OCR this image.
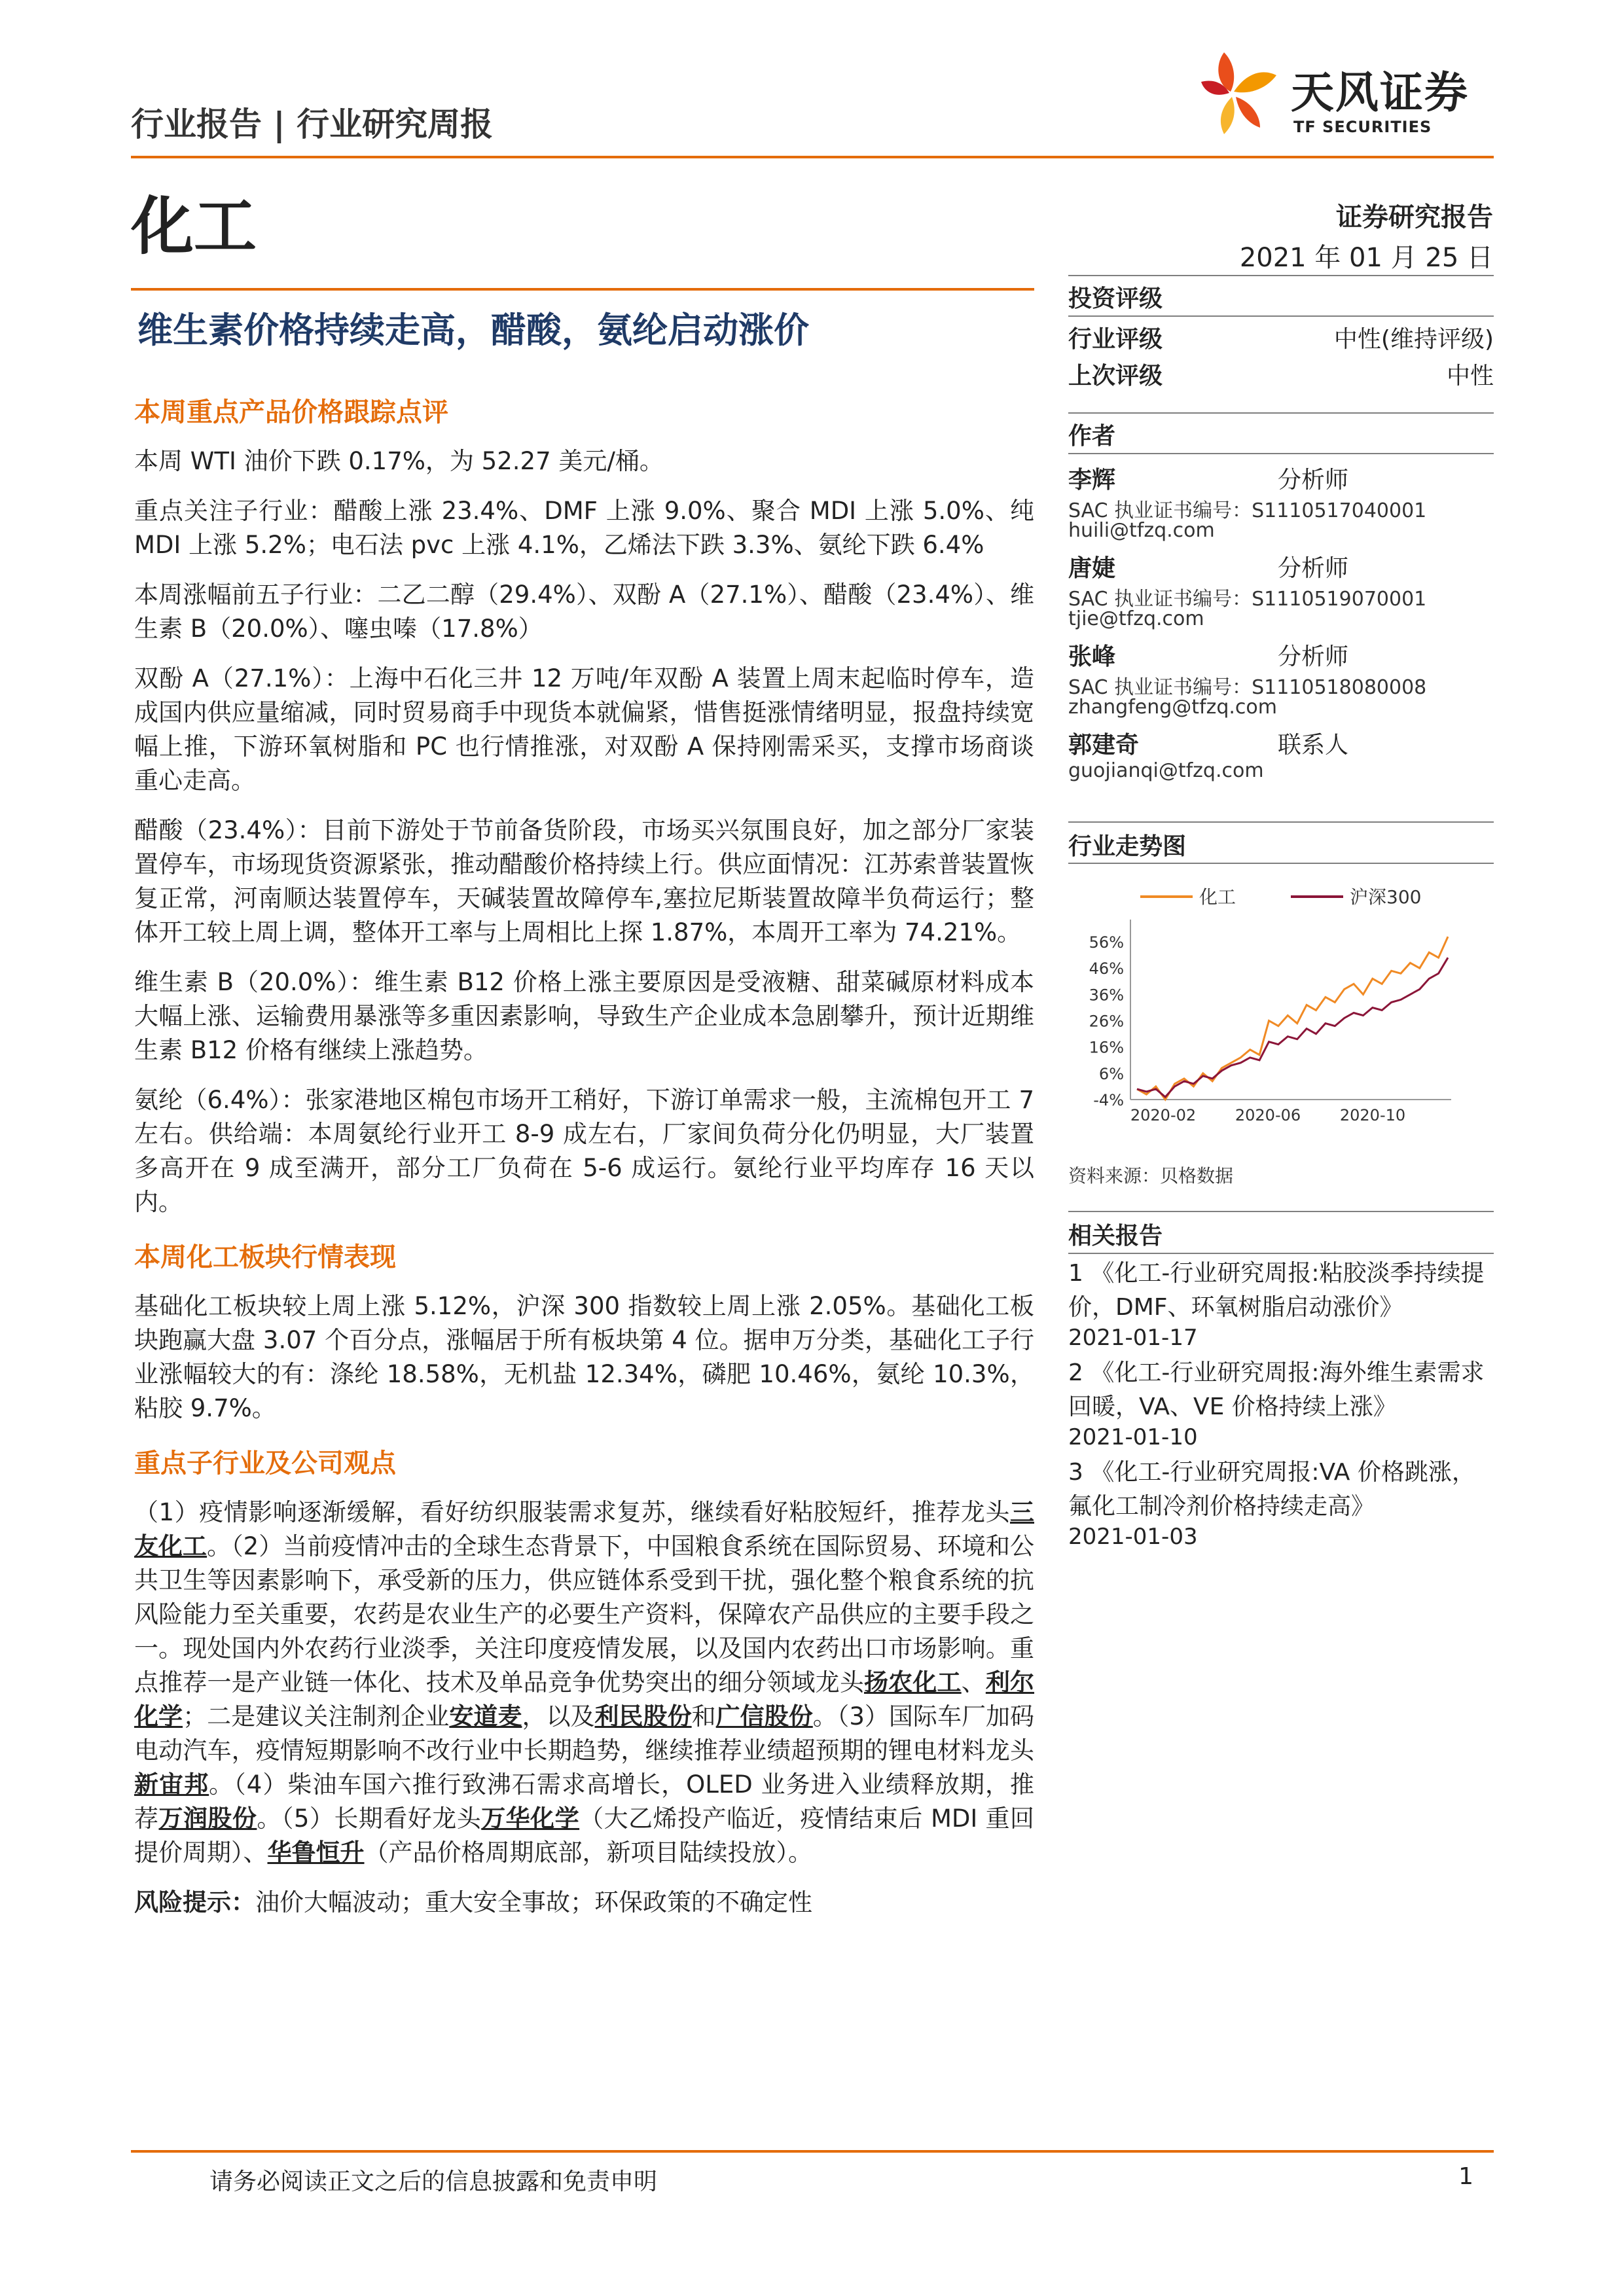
行业报告 | 行业研究周报
天风证券
TF SECURITIES
化工	证券研究报告
2021 年 01 月 25 日
维生素价格持续走高，醋酸，氨纶启动涨价

本周重点产品价格跟踪点评

本周 WTI 油价下跌 0.17%，为 52.27 美元/桶。

重点关注子行业：醋酸上涨 23.4%、DMF 上涨 9.0%、聚合 MDI 上涨 5.0%、纯 MDI 上涨 5.2%；电石法 pvc 上涨 4.1%，乙烯法下跌 3.3%、氨纶下跌 6.4%

本周涨幅前五子行业：二乙二醇（29.4%）、双酚 A（27.1%）、醋酸（23.4%）、维生素 B（20.0%）、噻虫嗪（17.8%）

双酚 A（27.1%）：上海中石化三井 12 万吨/年双酚 A 装置上周末起临时停车，造成国内供应量缩减，同时贸易商手中现货本就偏紧，惜售挺涨情绪明显，报盘持续宽幅上推，下游环氧树脂和 PC 也行情推涨，对双酚 A 保持刚需采买，支撑市场商谈重心走高。

醋酸（23.4%）：目前下游处于节前备货阶段，市场买兴氛围良好，加之部分厂家装置停车，市场现货资源紧张，推动醋酸价格持续上行。供应面情况：江苏索普装置恢复正常，河南顺达装置停车，天碱装置故障停车,塞拉尼斯装置故障半负荷运行；整体开工较上周上调，整体开工率与上周相比上探 1.87%，本周开工率为 74.21%。

维生素 B（20.0%）：维生素 B12 价格上涨主要原因是受液糖、甜菜碱原材料成本大幅上涨、运输费用暴涨等多重因素影响，导致生产企业成本急剧攀升，预计近期维生素 B12 价格有继续上涨趋势。

氨纶（6.4%）：张家港地区棉包市场开工稍好，下游订单需求一般，主流棉包开工 7 左右。供给端：本周氨纶行业开工 8-9 成左右，厂家间负荷分化仍明显，大厂装置多高开在 9 成至满开，部分工厂负荷在 5-6 成运行。氨纶行业平均库存 16 天以内。

本周化工板块行情表现

基础化工板块较上周上涨 5.12%，沪深 300 指数较上周上涨 2.05%。基础化工板块跑赢大盘 3.07 个百分点，涨幅居于所有板块第 4 位。据申万分类，基础化工子行业涨幅较大的有：涤纶 18.58%，无机盐 12.34%，磷肥 10.46%，氨纶 10.3%，粘胶 9.7%。

重点子行业及公司观点

（1）疫情影响逐渐缓解，看好纺织服装需求复苏，继续看好粘胶短纤，推荐龙头三友化工。（2）当前疫情冲击的全球生态背景下，中国粮食系统在国际贸易、环境和公共卫生等因素影响下，承受新的压力，供应链体系受到干扰，强化整个粮食系统的抗风险能力至关重要，农药是农业生产的必要生产资料，保障农产品供应的主要手段之一。现处国内外农药行业淡季，关注印度疫情发展，以及国内农药出口市场影响。重点推荐一是产业链一体化、技术及单品竞争优势突出的细分领域龙头扬农化工、利尔化学；二是建议关注制剂企业安道麦，以及利民股份和广信股份。（3）国际车厂加码电动汽车，疫情短期影响不改行业中长期趋势，继续推荐业绩超预期的锂电材料龙头新宙邦。（4）柴油车国六推行致沸石需求高增长，OLED 业务进入业绩释放期，推荐万润股份。（5）长期看好龙头万华化学（大乙烯投产临近，疫情结束后 MDI 重回提价周期）、华鲁恒升（产品价格周期底部，新项目陆续投放）。

风险提示：油价大幅波动；重大安全事故；环保政策的不确定性

投资评级
行业评级	中性(维持评级)
上次评级	中性
作者
李辉	分析师
SAC 执业证书编号：S1110517040001
huili@tfzq.com
唐婕	分析师
SAC 执业证书编号：S1110519070001
tjie@tfzq.com
张峰	分析师
SAC 执业证书编号：S1110518080008
zhangfeng@tfzq.com
郭建奇	联系人
guojianqi@tfzq.com
行业走势图
化工	沪深300
56%
46%
36%
26%
16%
6%
-4%
2020-02 2020-06 2020-10
资料来源：贝格数据
相关报告
1 《化工-行业研究周报:粘胶淡季持续提价，DMF、环氧树脂启动涨价》
2021-01-17
2 《化工-行业研究周报:海外维生素需求回暖，VA、VE 价格持续上涨》
2021-01-10
3 《化工-行业研究周报:VA 价格跳涨，氟化工制冷剂价格持续走高》
2021-01-03
请务必阅读正文之后的信息披露和免责申明	1
